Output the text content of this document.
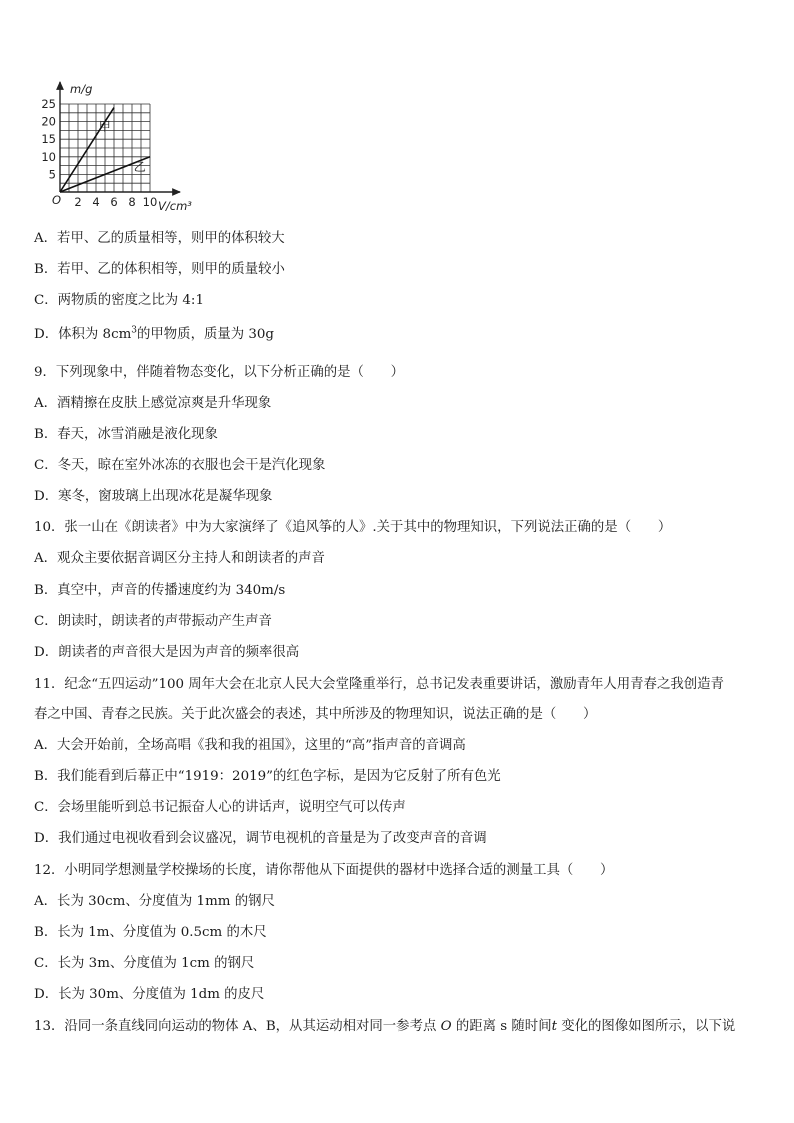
甲
乙
2 4 6 8 10
5
10
15
20
25
m/g
V/cm³
O
A．若甲、乙的质量相等，则甲的体积较大
B．若甲、乙的体积相等，则甲的质量较小
C．两物质的密度之比为 4:1
D．体积为 $8cm^3$的甲物质，质量为 30g
9．下列现象中，伴随着物态变化，以下分析正确的是（　　）
A．酒精擦在皮肤上感觉凉爽是升华现象
B．春天，冰雪消融是液化现象
C．冬天，晾在室外冰冻的衣服也会干是汽化现象
D．寒冬，窗玻璃上出现冰花是凝华现象
10．张一山在《朗读者》中为大家演绎了《追风筝的人》.关于其中的物理知识，下列说法正确的是（　　）
A．观众主要依据音调区分主持人和朗读者的声音
B．真空中，声音的传播速度约为 340m/s
C．朗读时，朗读者的声带振动产生声音
D．朗读者的声音很大是因为声音的频率很高
11．纪念“五四运动”100 周年大会在北京人民大会堂隆重举行，总书记发表重要讲话，激励青年人用青春之我创造青
春之中国、青春之民族。关于此次盛会的表述，其中所涉及的物理知识，说法正确的是（　　）
A．大会开始前，全场高唱《我和我的祖国》，这里的“高”指声音的音调高
B．我们能看到后幕正中“1919：2019”的红色字标，是因为它反射了所有色光
C．会场里能听到总书记振奋人心的讲话声，说明空气可以传声
D．我们通过电视收看到会议盛况，调节电视机的音量是为了改变声音的音调
12．小明同学想测量学校操场的长度，请你帮他从下面提供的器材中选择合适的测量工具（　　）
A．长为 30cm、分度值为 1mm 的钢尺
B．长为 1m、分度值为 0.5cm 的木尺
C．长为 3m、分度值为 1cm 的钢尺
D．长为 30m、分度值为 1dm 的皮尺
13．沿同一条直线同向运动的物体 A、B，从其运动相对同一参考点 O 的距离 s 随时间t 变化的图像如图所示，以下说
